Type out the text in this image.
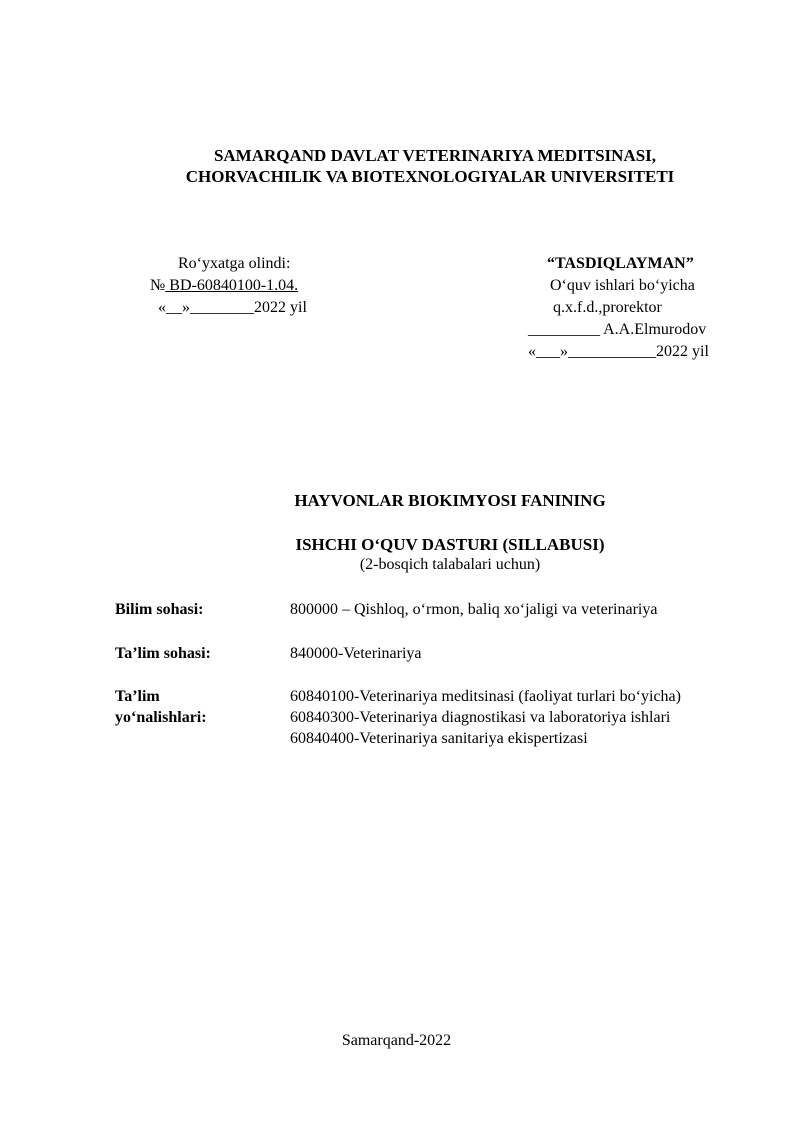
SAMARQAND DAVLAT VETERINARIYA MEDITSINASI,
CHORVACHILIK VA BIOTEXNOLOGIYALAR UNIVERSITETI
Ro‘yxatga olindi:
№ BD-60840100-1.04.
«__»________2022 yil
“TASDIQLAYMAN”
O‘quv ishlari bo‘yicha
q.x.f.d.,prorektor
_________ A.A.Elmurodov
«___»___________2022 yil
HAYVONLAR BIOKIMYOSI FANINING
ISHCHI O‘QUV DASTURI (SILLABUSI)
(2-bosqich talabalari uchun)
Bilim sohasi:	800000 – Qishloq, o‘rmon, baliq xo‘jaligi va veterinariya
Ta’lim sohasi:	840000-Veterinariya
Ta’lim
yo‘nalishlari:
60840100-Veterinariya meditsinasi (faoliyat turlari bo‘yicha)
60840300-Veterinariya diagnostikasi va laboratoriya ishlari
60840400-Veterinariya sanitariya ekispertizasi
Samarqand-2022
